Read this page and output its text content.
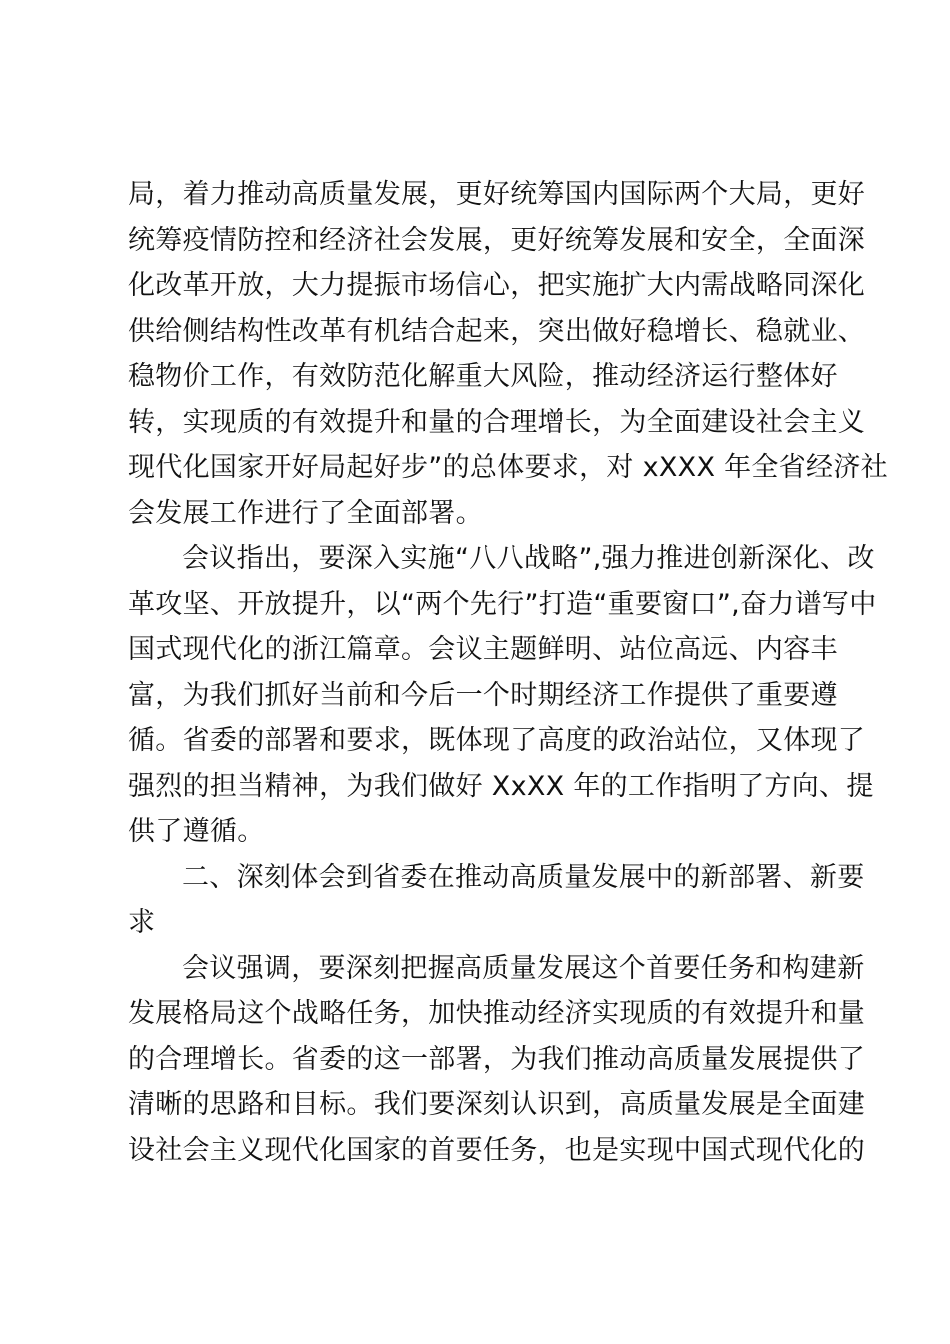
局，着力推动高质量发展，更好统筹国内国际两个大局，更好
统筹疫情防控和经济社会发展，更好统筹发展和安全，全面深
化改革开放，大力提振市场信心，把实施扩大内需战略同深化
供给侧结构性改革有机结合起来，突出做好稳增长、稳就业、
稳物价工作，有效防范化解重大风险，推动经济运行整体好
转，实现质的有效提升和量的合理增长，为全面建设社会主义
现代化国家开好局起好步”的总体要求，对 xXXX 年全省经济社
会发展工作进行了全面部署。
会议指出，要深入实施“八八战略”,强力推进创新深化、改
革攻坚、开放提升，以“两个先行”打造“重要窗口”,奋力谱写中
国式现代化的浙江篇章。会议主题鲜明、站位高远、内容丰
富，为我们抓好当前和今后一个时期经济工作提供了重要遵
循。省委的部署和要求，既体现了高度的政治站位，又体现了
强烈的担当精神，为我们做好 XxXX 年的工作指明了方向、提
供了遵循。
二、深刻体会到省委在推动高质量发展中的新部署、新要
求
会议强调，要深刻把握高质量发展这个首要任务和构建新
发展格局这个战略任务，加快推动经济实现质的有效提升和量
的合理增长。省委的这一部署，为我们推动高质量发展提供了
清晰的思路和目标。我们要深刻认识到，高质量发展是全面建
设社会主义现代化国家的首要任务，也是实现中国式现代化的
